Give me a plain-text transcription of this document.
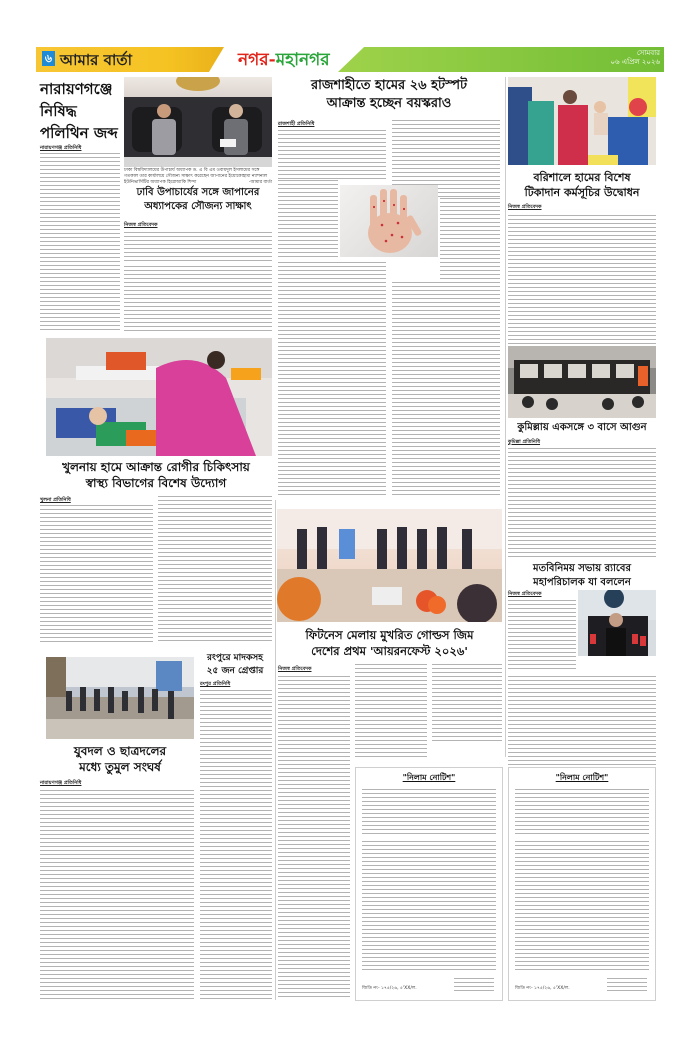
৬ আমার বার্তা	নগর-মহানগর	সোমবার
০৬ এপ্রিল ২০২৬
নারায়ণগঞ্জে
নিষিদ্ধ
পলিথিন জব্দ
নারায়ণগঞ্জ প্রতিনিধি
ঢাকা বিশ্ববিদ্যালয়ের উপাচার্য অধ্যাপক ড. এ বি এম ওবায়দুল ইসলামের সঙ্গে গতকাল তার কার্যালয়ে সৌজন্য সাক্ষাৎ করেছেন জাপানের ইয়োকোহামা ন্যাশনাল ইউনিভার্সিটির অধ্যাপক হিরোআকি শিন্দা	-আমার বার্তা
ঢাবি উপাচার্যের সঙ্গে জাপানের
অধ্যাপকের সৌজন্য সাক্ষাৎ
নিজস্ব প্রতিবেদক
খুলনায় হামে আক্রান্ত রোগীর চিকিৎসায়
স্বাস্থ্য বিভাগের বিশেষ উদ্যোগ
খুলনা প্রতিনিধি
যুবদল ও ছাত্রদলের
মধ্যে তুমুল সংঘর্ষ
নারায়ণগঞ্জ প্রতিনিধি
রংপুরে মাদকসহ
২৫ জন গ্রেপ্তার
রংপুর প্রতিনিধি
রাজশাহীতে হামের ২৬ হটস্পট
আক্রান্ত হচ্ছেন বয়স্করাও
রাজশাহী প্রতিনিধি
ফিটনেস মেলায় মুখরিত গোল্ডস জিম
দেশের প্রথম 'আয়রনফেস্ট ২০২৬'
নিজস্ব প্রতিবেদক
"নিলাম নোটিশ"
জিডি নং- ১৭৫/২৬, ৫'XX/ল.
"নিলাম নোটিশ"
জিডি নং- ১৭৫/২৬, ৫'XX/ল.
বরিশালে হামের বিশেষ
টিকাদান কর্মসূচির উদ্বোধন
নিজস্ব প্রতিবেদক
কুমিল্লায় একসঙ্গে ৩ বাসে আগুন
কুমিল্লা প্রতিনিধি
মতবিনিময় সভায় র‌্যাবের
মহাপরিচালক যা বললেন
নিজস্ব প্রতিবেদক
